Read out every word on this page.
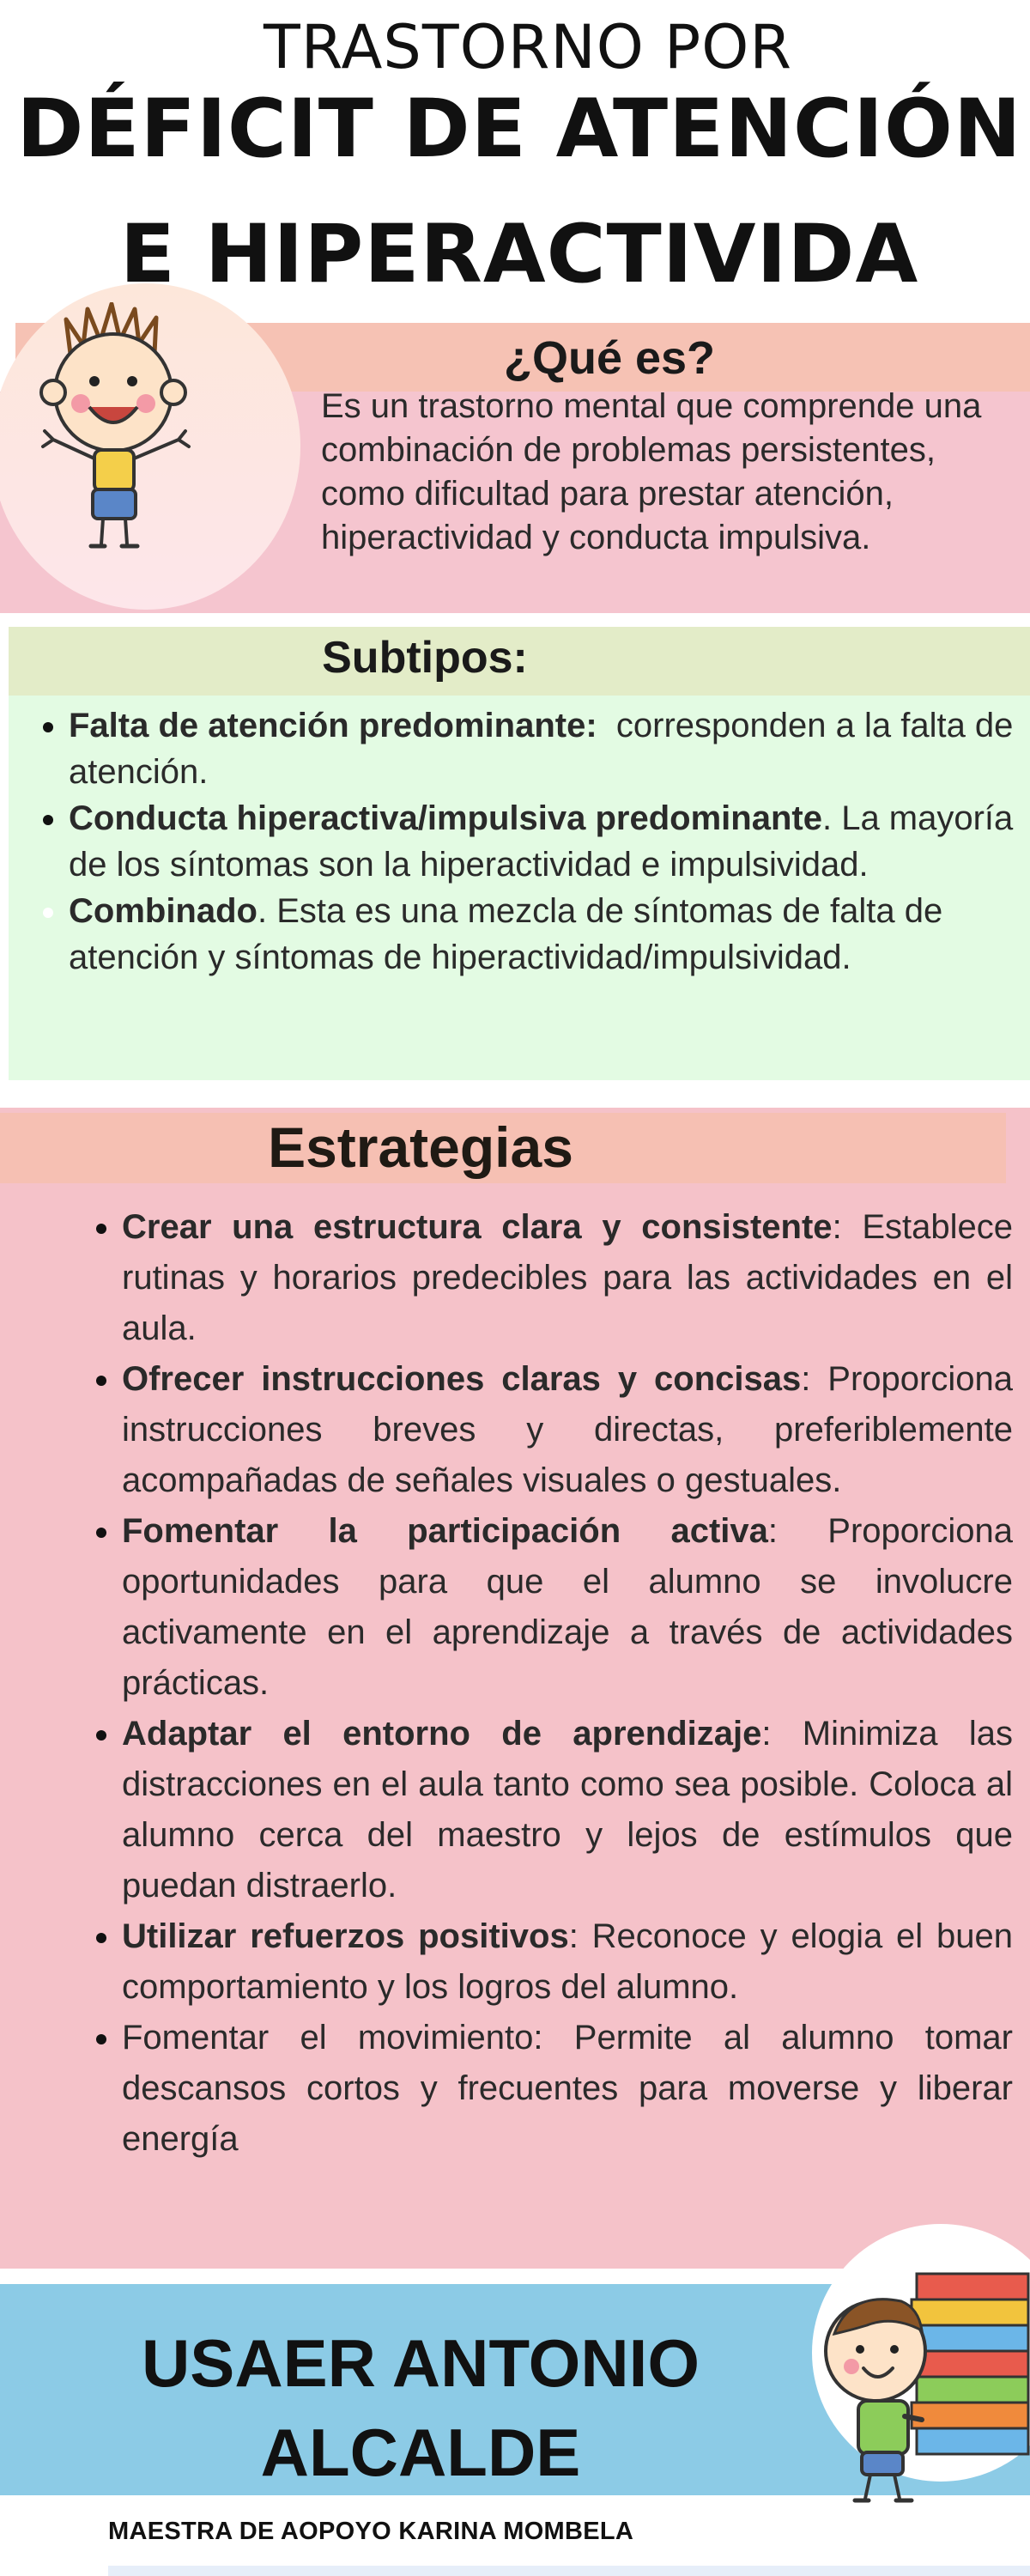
TRASTORNO POR
DÉFICIT DE ATENCIÓN
E HIPERACTIVIDA
¿Qué es?
Es un trastorno mental que comprende una combinación de problemas persistentes, como dificultad para prestar atención, hiperactividad y conducta impulsiva.
Subtipos:
• Falta de atención predominante:  corresponden a la falta de atención.
• Conducta hiperactiva/impulsiva predominante. La mayoría de los síntomas son la hiperactividad e impulsividad.
• Combinado. Esta es una mezcla de síntomas de falta de atención y síntomas de hiperactividad/impulsividad.
Estrategias
• Crear una estructura clara y consistente: Establece rutinas y horarios predecibles para las actividades en el aula.
• Ofrecer instrucciones claras y concisas: Proporciona instrucciones breves y directas, preferiblemente acompañadas de señales visuales o gestuales.
• Fomentar la participación activa: Proporciona oportunidades para que el alumno se involucre activamente en el aprendizaje a través de actividades prácticas.
• Adaptar el entorno de aprendizaje: Minimiza las distracciones en el aula tanto como sea posible. Coloca al alumno cerca del maestro y lejos de estímulos que puedan distraerlo.
• Utilizar refuerzos positivos: Reconoce y elogia el buen comportamiento y los logros del alumno.
• Fomentar el movimiento: Permite al alumno tomar descansos cortos y frecuentes para moverse y liberar energía
USAER ANTONIO
ALCALDE
MAESTRA DE AOPOYO KARINA MOMBELA
